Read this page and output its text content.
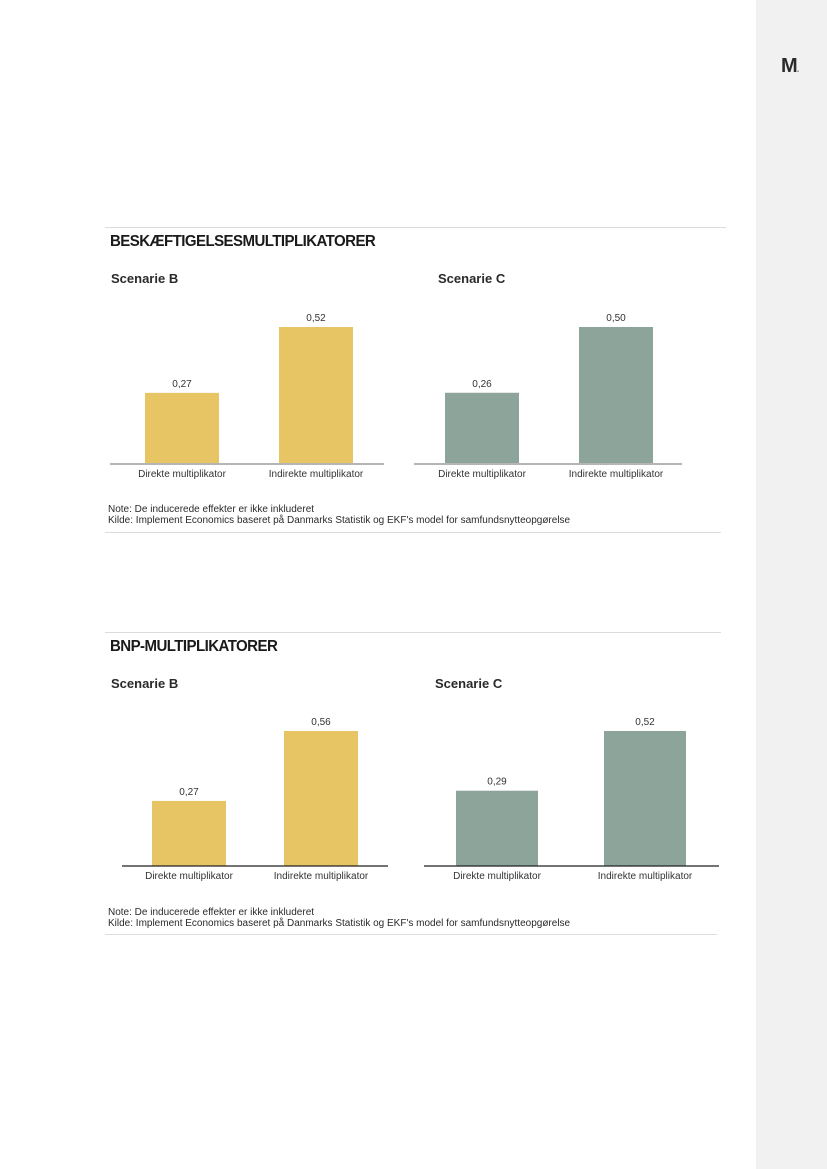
M.
BESKÆFTIGELSESMULTIPLIKATORER
Scenarie B	Scenarie C
0,27
Direkte multiplikator
0,52
Indirekte multiplikator
0,26
Direkte multiplikator
0,50
Indirekte multiplikator
Note: De inducerede effekter er ikke inkluderet
Kilde: Implement Economics baseret på Danmarks Statistik og EKF's model for samfundsnytteopgørelse
BNP-MULTIPLIKATORER
Scenarie B	Scenarie C
0,27
Direkte multiplikator
0,56
Indirekte multiplikator
0,29
Direkte multiplikator
0,52
Indirekte multiplikator
Note: De inducerede effekter er ikke inkluderet
Kilde: Implement Economics baseret på Danmarks Statistik og EKF's model for samfundsnytteopgørelse
